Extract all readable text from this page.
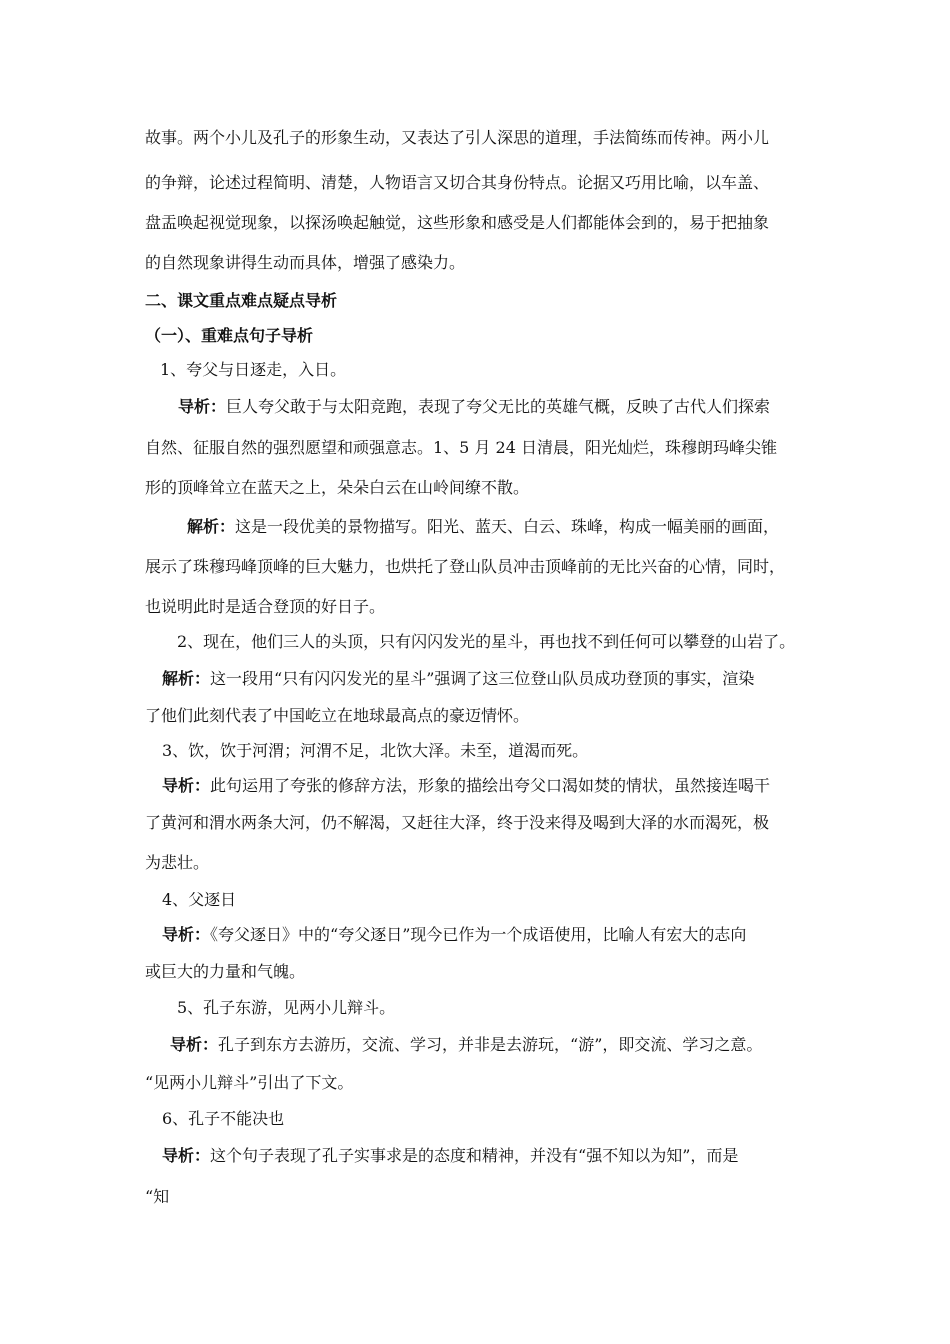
故事。两个小儿及孔子的形象生动，又表达了引人深思的道理，手法简练而传神。两小儿
的争辩，论述过程简明、清楚，人物语言又切合其身份特点。论据又巧用比喻，以车盖、
盘盂唤起视觉现象，以探汤唤起触觉，这些形象和感受是人们都能体会到的，易于把抽象
的自然现象讲得生动而具体，增强了感染力。
二、课文重点难点疑点导析
（一）、重难点句子导析
1、夸父与日逐走，入日。
导析：巨人夸父敢于与太阳竞跑，表现了夸父无比的英雄气概，反映了古代人们探索
自然、征服自然的强烈愿望和顽强意志。1、5 月 24 日清晨，阳光灿烂，珠穆朗玛峰尖锥
形的顶峰耸立在蓝天之上，朵朵白云在山岭间缭不散。
解析：这是一段优美的景物描写。阳光、蓝天、白云、珠峰，构成一幅美丽的画面，
展示了珠穆玛峰顶峰的巨大魅力，也烘托了登山队员冲击顶峰前的无比兴奋的心情，同时，
也说明此时是适合登顶的好日子。
2、现在，他们三人的头顶，只有闪闪发光的星斗，再也找不到任何可以攀登的山岩了。
解析：这一段用“只有闪闪发光的星斗”强调了这三位登山队员成功登顶的事实，渲染
了他们此刻代表了中国屹立在地球最高点的豪迈情怀。
3、饮，饮于河渭；河渭不足，北饮大泽。未至，道渴而死。
导析：此句运用了夸张的修辞方法，形象的描绘出夸父口渴如焚的情状，虽然接连喝干
了黄河和渭水两条大河，仍不解渴，又赶往大泽，终于没来得及喝到大泽的水而渴死，极
为悲壮。
4、父逐日
导析：《夸父逐日》中的“夸父逐日”现今已作为一个成语使用，比喻人有宏大的志向
或巨大的力量和气魄。
5、孔子东游，见两小儿辩斗。
导析：孔子到东方去游历，交流、学习，并非是去游玩，“游”，即交流、学习之意。
“见两小儿辩斗”引出了下文。
6、孔子不能决也
导析：这个句子表现了孔子实事求是的态度和精神，并没有“强不知以为知”，而是
“知
